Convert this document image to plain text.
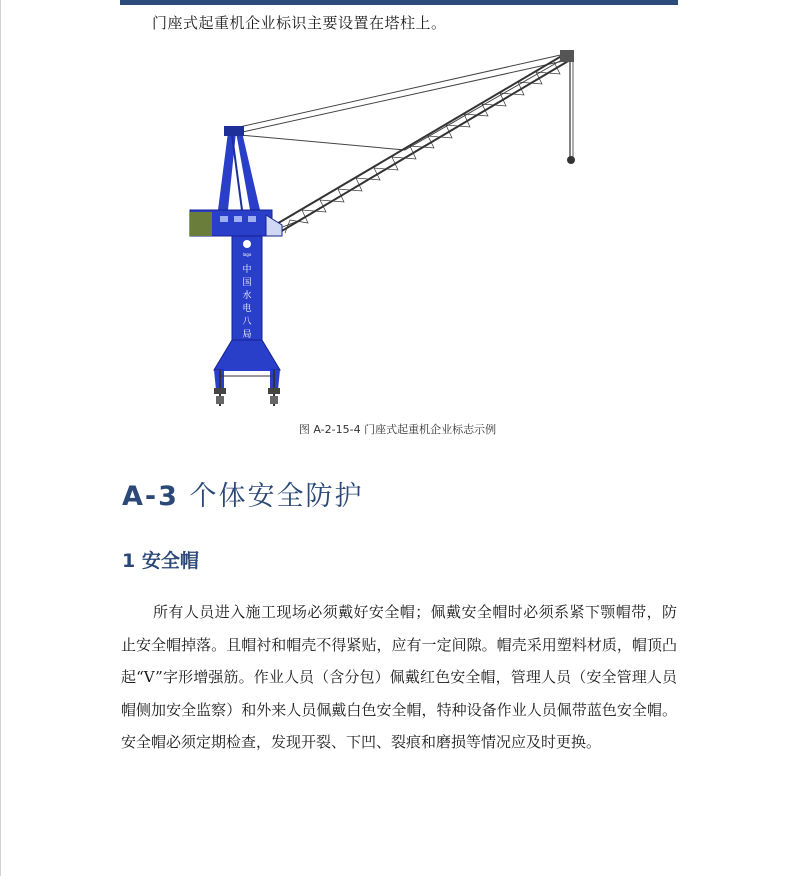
门座式起重机企业标识主要设置在塔柱上。
logo
中
国
水
电
八
局
图 A-2-15-4 门座式起重机企业标志示例
A-3 个体安全防护
1 安全帽

所有人员进入施工现场必须戴好安全帽；佩戴安全帽时必须系紧下颚帽带，防止安全帽掉落。且帽衬和帽壳不得紧贴，应有一定间隙。帽壳采用塑料材质，帽顶凸起“V”字形增强筋。作业人员（含分包）佩戴红色安全帽，管理人员（安全管理人员帽侧加安全监察）和外来人员佩戴白色安全帽，特种设备作业人员佩带蓝色安全帽。安全帽必须定期检查，发现开裂、下凹、裂痕和磨损等情况应及时更换。
